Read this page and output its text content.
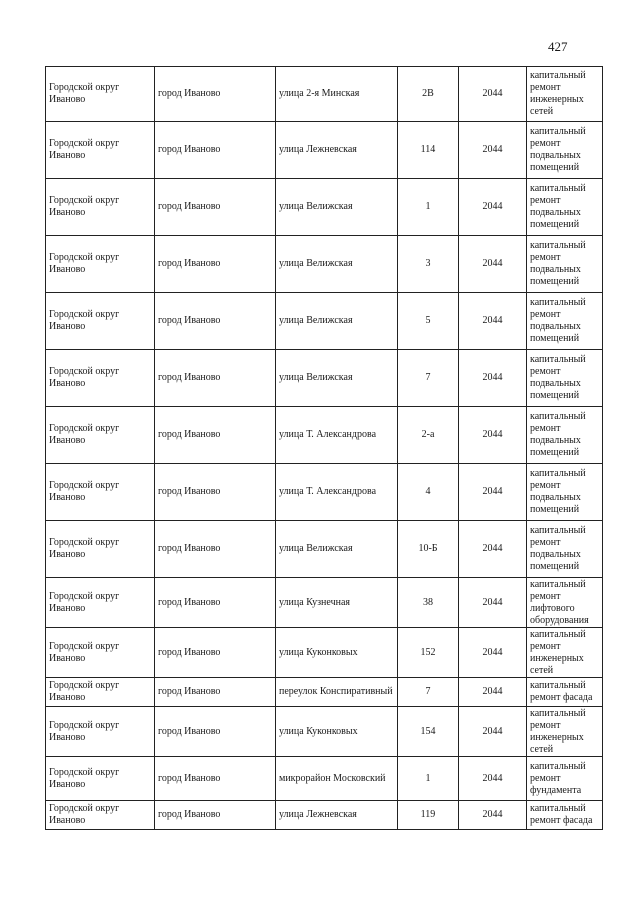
427
Городской округ Иваново	город Иваново	улица 2-я Минская	2В	2044	капитальный ремонт инженерных сетей
Городской округ Иваново	город Иваново	улица Лежневская	114	2044	капитальный ремонт подвальных помещений
Городской округ Иваново	город Иваново	улица Велижская	1	2044	капитальный ремонт подвальных помещений
Городской округ Иваново	город Иваново	улица Велижская	3	2044	капитальный ремонт подвальных помещений
Городской округ Иваново	город Иваново	улица Велижская	5	2044	капитальный ремонт подвальных помещений
Городской округ Иваново	город Иваново	улица Велижская	7	2044	капитальный ремонт подвальных помещений
Городской округ Иваново	город Иваново	улица Т. Александрова	2-а	2044	капитальный ремонт подвальных помещений
Городской округ Иваново	город Иваново	улица Т. Александрова	4	2044	капитальный ремонт подвальных помещений
Городской округ Иваново	город Иваново	улица Велижская	10-Б	2044	капитальный ремонт подвальных помещений
Городской округ Иваново	город Иваново	улица Кузнечная	38	2044	капитальный ремонт лифтового оборудования
Городской округ Иваново	город Иваново	улица Куконковых	152	2044	капитальный ремонт инженерных сетей
Городской округ Иваново	город Иваново	переулок Конспиративный	7	2044	капитальный ремонт фасада
Городской округ Иваново	город Иваново	улица Куконковых	154	2044	капитальный ремонт инженерных сетей
Городской округ Иваново	город Иваново	микрорайон Московский	1	2044	капитальный ремонт фундамента
Городской округ Иваново	город Иваново	улица Лежневская	119	2044	капитальный ремонт фасада
